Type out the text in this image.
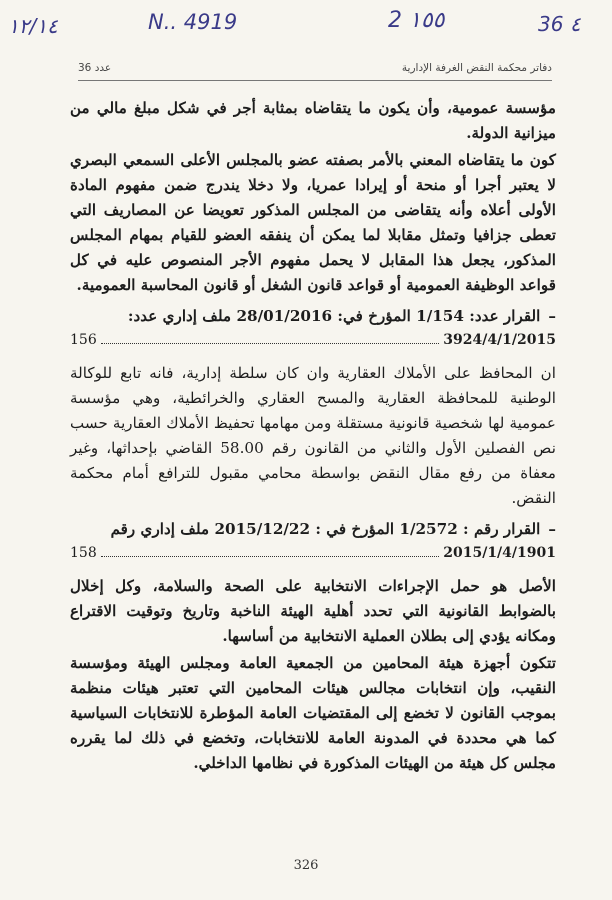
١٢/١٤	N.. 4919	2 ١٥٥	36 ٤
عدد 36	دفاتر محكمة النقض الغرفة الإدارية

مؤسسة عمومية، وأن يكون ما يتقاضاه بمثابة أجر في شكل مبلغ مالي من ميزانية الدولة.

كون ما يتقاضاه المعني بالأمر بصفته عضو بالمجلس الأعلى السمعي البصري لا يعتبر أجرا أو منحة أو إيرادا عمريا، ولا دخلا يندرج ضمن مفهوم المادة الأولى أعلاه وأنه يتقاضى من المجلس المذكور تعويضا عن المصاريف التي تعطى جزافيا وتمثل مقابلا لما يمكن أن ينفقه العضو للقيام بمهام المجلس المذكور، يجعل هذا المقابل لا يحمل مفهوم الأجر المنصوص عليه في كل قواعد الوظيفة العمومية أو قواعد قانون الشغل أو قانون المحاسبة العمومية.

–
القرار عدد: 1/154 المؤرخ في: 28/01/2016 ملف إداري عدد:
3924/4/1/2015
156

ان المحافظ على الأملاك العقارية وان كان سلطة إدارية، فانه تابع للوكالة الوطنية للمحافظة العقارية والمسح العقاري والخرائطية، وهي مؤسسة عمومية لها شخصية قانونية مستقلة ومن مهامها تحفيظ الأملاك العقارية حسب نص الفصلين الأول والثاني من القانون رقم 58.00 القاضي بإحداثها، وغير معفاة من رفع مقال النقض بواسطة محامي مقبول للترافع أمام محكمة النقض.

–
القرار رقم : 1/2572 المؤرخ في : 2015/12/22 ملف إداري رقم
2015/1/4/1901
158

الأصل هو حمل الإجراءات الانتخابية على الصحة والسلامة، وكل إخلال بالضوابط القانونية التي تحدد أهلية الهيئة الناخبة وتاريخ وتوقيت الاقتراع ومكانه يؤدي إلى بطلان العملية الانتخابية من أساسها.

تتكون أجهزة هيئة المحامين من الجمعية العامة ومجلس الهيئة ومؤسسة النقيب، وإن انتخابات مجالس هيئات المحامين التي تعتبر هيئات منظمة بموجب القانون لا تخضع إلى المقتضيات العامة المؤطرة للانتخابات السياسية كما هي محددة في المدونة العامة للانتخابات، وتخضع في ذلك لما يقرره مجلس كل هيئة من الهيئات المذكورة في نظامها الداخلي.

326
